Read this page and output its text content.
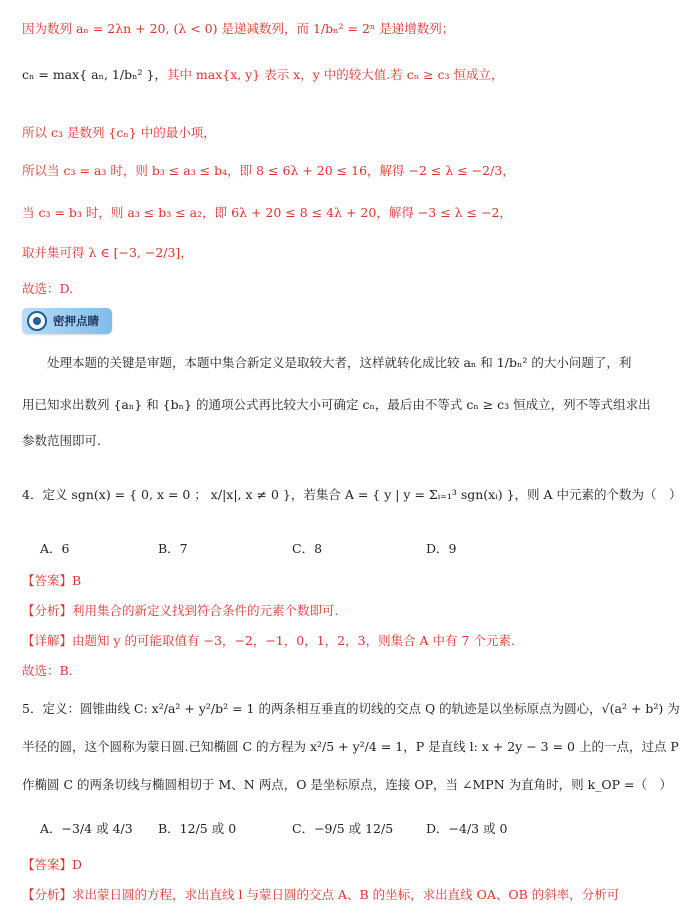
因为数列 aₙ = 2λn + 20, (λ < 0) 是递减数列，而 1/bₙ² = 2ⁿ 是递增数列；
cₙ = max{ aₙ, 1/bₙ² }，其中 max{x, y} 表示 x，y 中的较大值.若 cₙ ≥ c₃ 恒成立，
所以 c₃ 是数列 {cₙ} 中的最小项，
所以当 c₃ = a₃ 时，则 b₃ ≤ a₃ ≤ b₄，即 8 ≤ 6λ + 20 ≤ 16，解得 −2 ≤ λ ≤ −2/3，
当 c₃ = b₃ 时，则 a₃ ≤ b₃ ≤ a₂，即 6λ + 20 ≤ 8 ≤ 4λ + 20，解得 −3 ≤ λ ≤ −2，
取并集可得 λ ∈ [−3, −2/3]，
故选：D.
密押点睛
处理本题的关键是审题，本题中集合新定义是取较大者，这样就转化成比较 aₙ 和 1/bₙ² 的大小问题了，利
用已知求出数列 {aₙ} 和 {bₙ} 的通项公式再比较大小可确定 cₙ，最后由不等式 cₙ ≥ c₃ 恒成立，列不等式组求出
参数范围即可.
4．定义 sgn(x) = { 0, x = 0 ； x/|x|, x ≠ 0 }，若集合 A = { y | y = Σᵢ₌₁³ sgn(xᵢ) }，则 A 中元素的个数为（　）
A．6	B．7	C．8	D．9
【答案】B
【分析】利用集合的新定义找到符合条件的元素个数即可.
【详解】由题知 y 的可能取值有 −3，−2，−1，0，1，2，3，则集合 A 中有 7 个元素.
故选：B.
5．定义：圆锥曲线 C: x²/a² + y²/b² = 1 的两条相互垂直的切线的交点 Q 的轨迹是以坐标原点为圆心，√(a² + b²) 为
半径的圆，这个圆称为蒙日圆.已知椭圆 C 的方程为 x²/5 + y²/4 = 1，P 是直线 l: x + 2y − 3 = 0 上的一点，过点 P
作椭圆 C 的两条切线与椭圆相切于 M、N 两点，O 是坐标原点，连接 OP，当 ∠MPN 为直角时，则 k_OP =（　）
A．−3/4 或 4/3 B．12/5 或 0	C．−9/5 或 12/5	D．−4/3 或 0
【答案】D
【分析】求出蒙日圆的方程，求出直线 l 与蒙日圆的交点 A、B 的坐标，求出直线 OA、OB 的斜率，分析可
